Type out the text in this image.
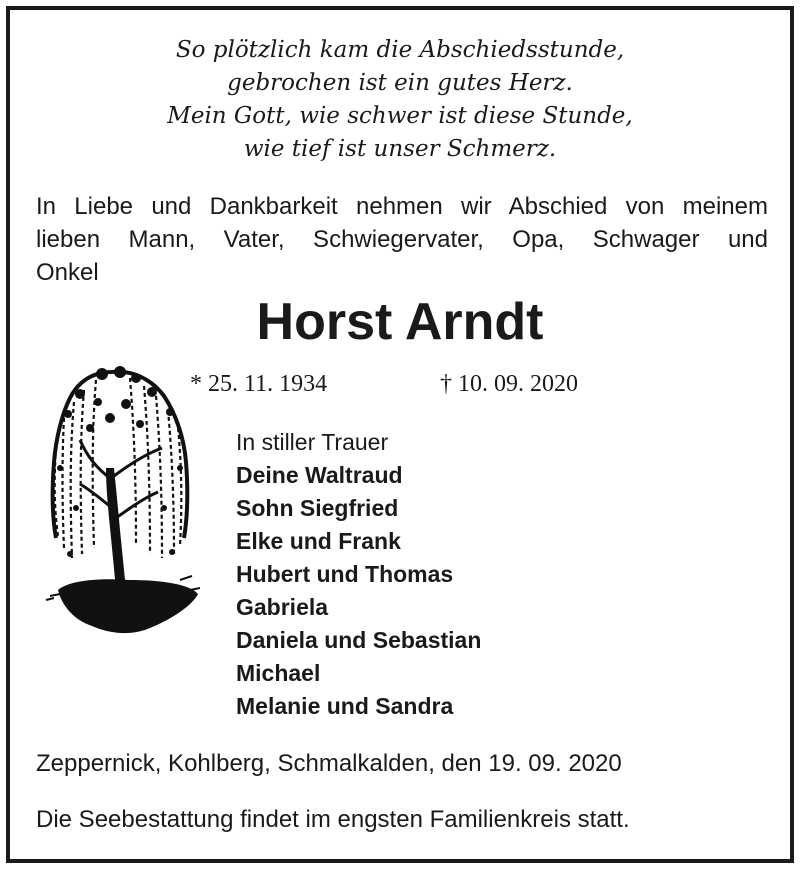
So plötzlich kam die Abschiedsstunde,
gebrochen ist ein gutes Herz.
Mein Gott, wie schwer ist diese Stunde,
wie tief ist unser Schmerz.
In Liebe und Dankbarkeit nehmen wir Abschied von meinem
lieben Mann, Vater, Schwiegervater, Opa, Schwager und
Onkel
Horst Arndt
* 25. 11. 1934	† 10. 09. 2020
In stiller Trauer
Deine Waltraud
Sohn Siegfried
Elke und Frank
Hubert und Thomas
Gabriela
Daniela und Sebastian
Michael
Melanie und Sandra
Zeppernick, Kohlberg, Schmalkalden, den 19. 09. 2020
Die Seebestattung findet im engsten Familienkreis statt.
